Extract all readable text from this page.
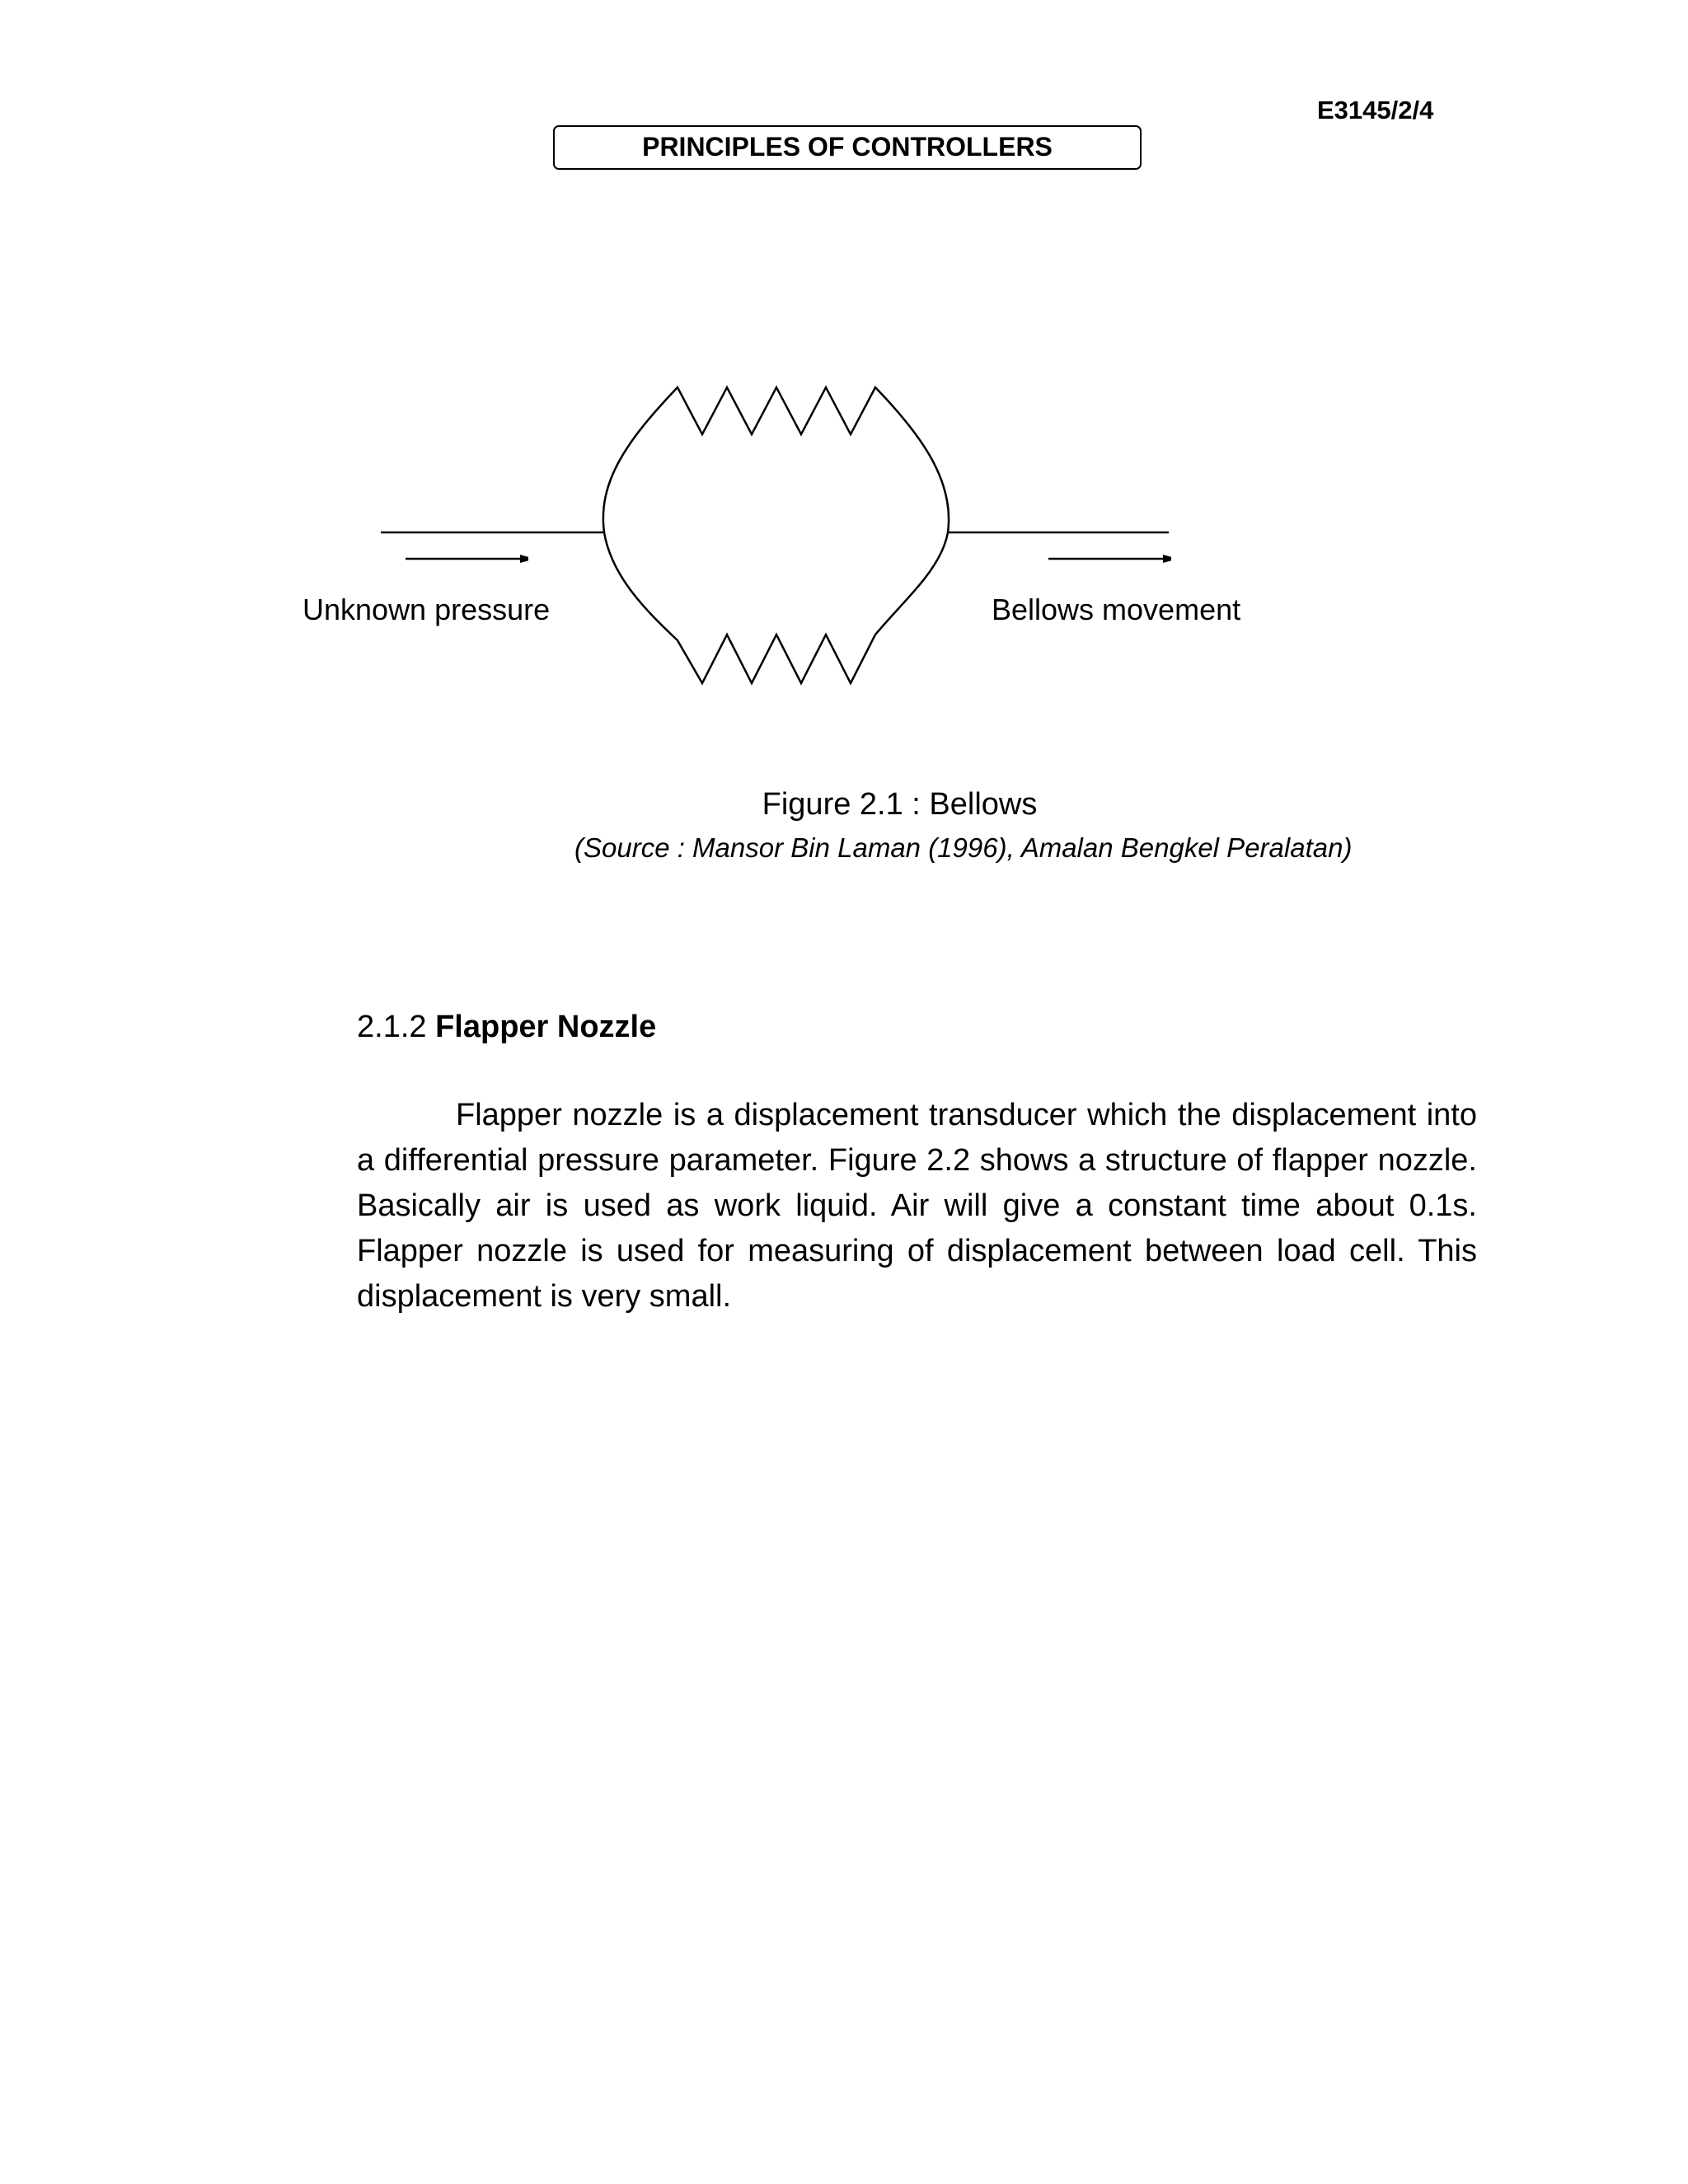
E3145/2/4
PRINCIPLES OF CONTROLLERS
Unknown pressure	Bellows movement
Figure 2.1 : Bellows
(Source : Mansor Bin Laman (1996), Amalan Bengkel Peralatan)
2.1.2 Flapper Nozzle

Flapper nozzle is a displacement transducer which the displacement into a differential pressure parameter. Figure 2.2 shows a structure of flapper nozzle. Basically air is used as work liquid. Air will give a constant time about 0.1s. Flapper nozzle is used for measuring of displacement between load cell. This displacement is very small.
